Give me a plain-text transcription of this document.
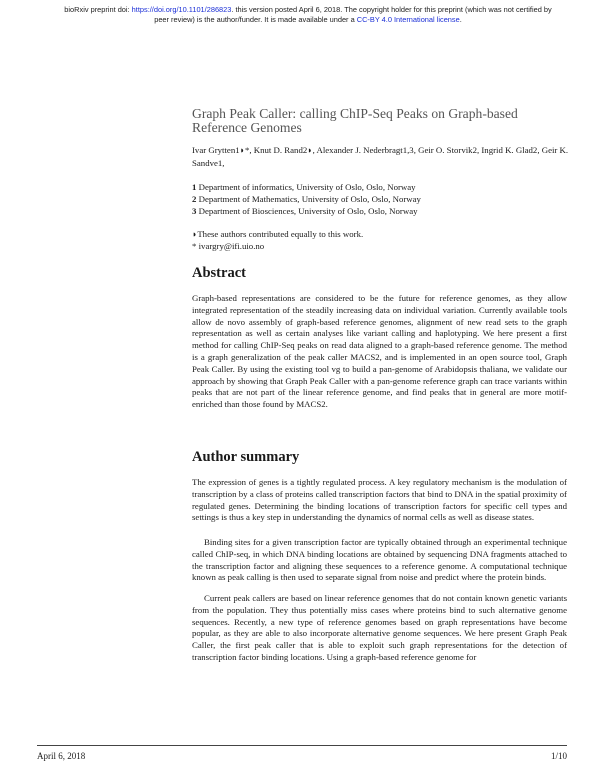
bioRxiv preprint doi: https://doi.org/10.1101/286823. this version posted April 6, 2018. The copyright holder for this preprint (which was not certified by peer review) is the author/funder. It is made available under a CC-BY 4.0 International license.
Graph Peak Caller: calling ChIP-Seq Peaks on Graph-based Reference Genomes
Ivar Grytten1◗*, Knut D. Rand2◗, Alexander J. Nederbragt1,3, Geir O. Storvik2, Ingrid K. Glad2, Geir K. Sandve1,
1 Department of informatics, University of Oslo, Oslo, Norway
2 Department of Mathematics, University of Oslo, Oslo, Norway
3 Department of Biosciences, University of Oslo, Oslo, Norway
◗These authors contributed equally to this work.
* ivargry@ifi.uio.no
Abstract
Graph-based representations are considered to be the future for reference genomes, as they allow integrated representation of the steadily increasing data on individual variation. Currently available tools allow de novo assembly of graph-based reference genomes, alignment of new read sets to the graph representation as well as certain analyses like variant calling and haplotyping. We here present a first method for calling ChIP-Seq peaks on read data aligned to a graph-based reference genome. The method is a graph generalization of the peak caller MACS2, and is implemented in an open source tool, Graph Peak Caller. By using the existing tool vg to build a pan-genome of Arabidopsis thaliana, we validate our approach by showing that Graph Peak Caller with a pan-genome reference graph can trace variants within peaks that are not part of the linear reference genome, and find peaks that in general are more motif-enriched than those found by MACS2.
Author summary
The expression of genes is a tightly regulated process. A key regulatory mechanism is the modulation of transcription by a class of proteins called transcription factors that bind to DNA in the spatial proximity of regulated genes. Determining the binding locations of transcription factors for specific cell types and settings is thus a key step in understanding the dynamics of normal cells as well as disease states.
Binding sites for a given transcription factor are typically obtained through an experimental technique called ChIP-seq, in which DNA binding locations are obtained by sequencing DNA fragments attached to the transcription factor and aligning these sequences to a reference genome. A computational technique known as peak calling is then used to separate signal from noise and predict where the protein binds.
Current peak callers are based on linear reference genomes that do not contain known genetic variants from the population. They thus potentially miss cases where proteins bind to such alternative genome sequences. Recently, a new type of reference genomes based on graph representations have become popular, as they are able to also incorporate alternative genome sequences. We here present Graph Peak Caller, the first peak caller that is able to exploit such graph representations for the detection of transcription factor binding locations. Using a graph-based reference genome for
April 6, 2018	1/10
